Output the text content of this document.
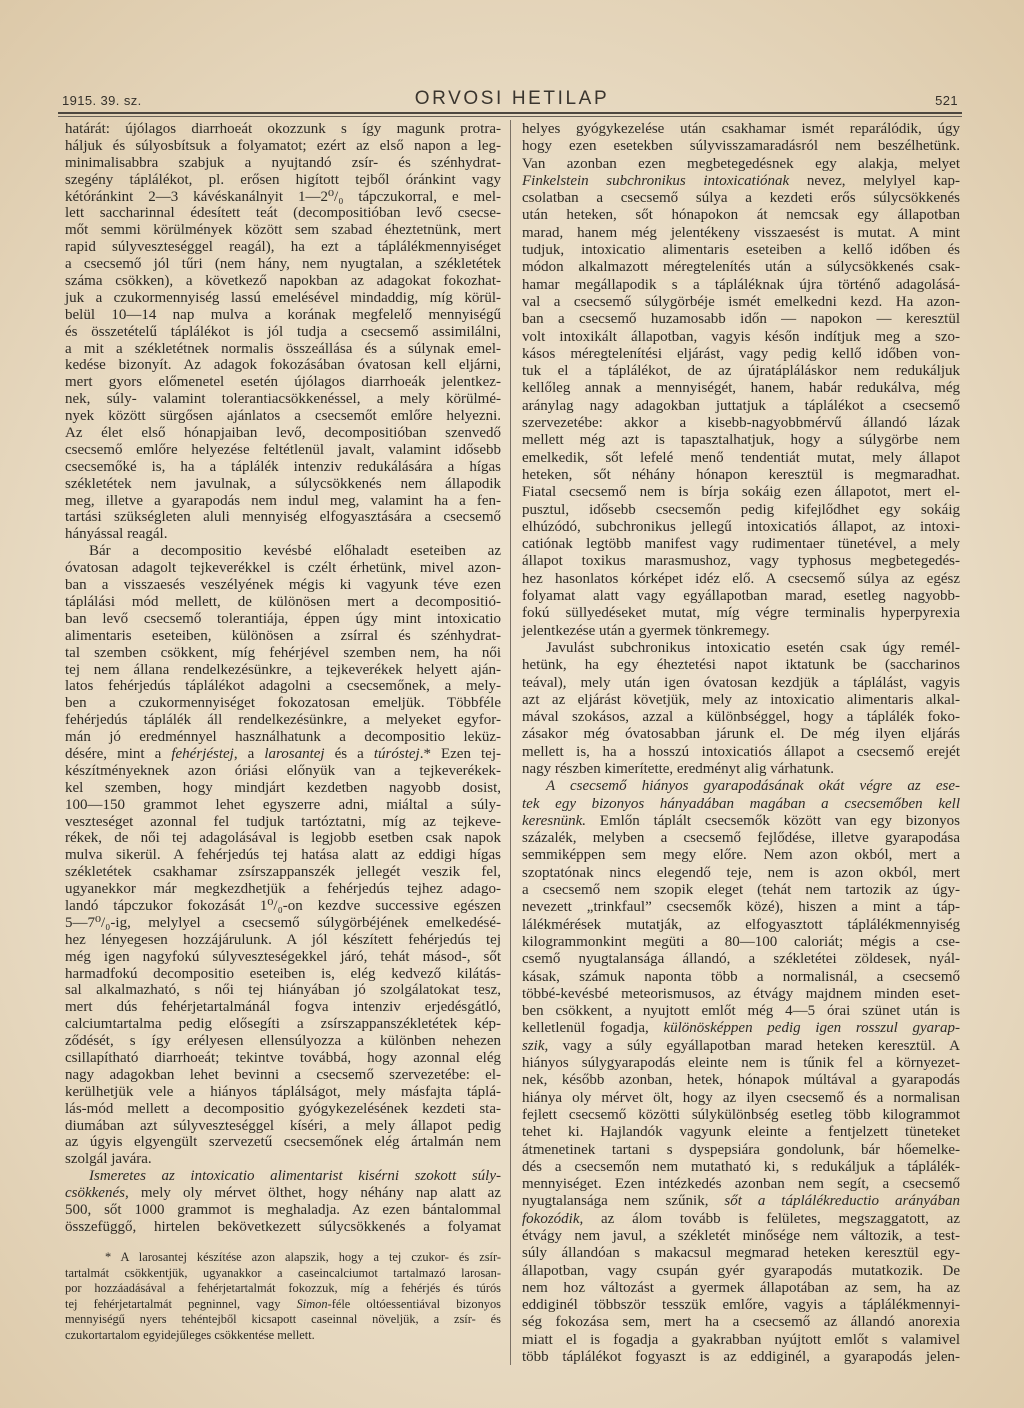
1915. 39. sz.	ORVOSI HETILAP	521
határát: újólagos diarrhoeát okozzunk s így magunk protra-
háljuk és súlyosbítsuk a folyamatot; ezért az első napon a leg-
minimalisabbra szabjuk a nyujtandó zsír- és szénhydrat-
szegény táplálékot, pl. erősen higított tejből óránkint vagy
kétóránkint 2—3 kávéskanálnyit 1—2⁰/₀ tápczukorral, e mel-
lett saccharinnal édesített teát (decompositióban levő csecse-
mőt semmi körülmények között sem szabad éheztetnünk, mert
rapid súlyveszteséggel reagál), ha ezt a táplálékmennyiséget
a csecsemő jól tűri (nem hány, nem nyugtalan, a székletétek
száma csökken), a következő napokban az adagokat fokozhat-
juk a czukormennyiség lassú emelésével mindaddig, míg körül-
belül 10—14 nap mulva a korának megfelelő mennyiségű
és összetételű táplálékot is jól tudja a csecsemő assimilálni,
a mit a székletétnek normalis összeállása és a súlynak emel-
kedése bizonyít. Az adagok fokozásában óvatosan kell eljárni,
mert gyors előmenetel esetén újólagos diarrhoeák jelentkez-
nek, súly- valamint tolerantiacsökkenéssel, a mely körülmé-
nyek között sürgősen ajánlatos a csecsemőt emlőre helyezni.
Az élet első hónapjaiban levő, decompositióban szenvedő
csecsemő emlőre helyezése feltétlenül javalt, valamint idősebb
csecsemőké is, ha a táplálék intenziv redukálására a hígas
székletétek nem javulnak, a súlycsökkenés nem állapodik
meg, illetve a gyarapodás nem indul meg, valamint ha a fen-
tartási szükségleten aluli mennyiség elfogyasztására a csecsemő
hányással reagál.
Bár a decompositio kevésbé előhaladt eseteiben az
óvatosan adagolt tejkeverékkel is czélt érhetünk, mivel azon-
ban a visszaesés veszélyének mégis ki vagyunk téve ezen
táplálási mód mellett, de különösen mert a decompositió-
ban levő csecsemő tolerantiája, éppen úgy mint intoxicatio
alimentaris eseteiben, különösen a zsírral és szénhydrat-
tal szemben csökkent, míg fehérjével szemben nem, ha női
tej nem állana rendelkezésünkre, a tejkeverékek helyett aján-
latos fehérjedús táplálékot adagolni a csecsemőnek, a mely-
ben a czukormennyiséget fokozatosan emeljük. Többféle
fehérjedús táplálék áll rendelkezésünkre, a melyeket egyfor-
mán jó eredménnyel használhatunk a decompositio leküz-
désére, mint a fehérjéstej, a larosantej és a túróstej.* Ezen tej-
készítményeknek azon óriási előnyük van a tejkeverékek-
kel szemben, hogy mindjárt kezdetben nagyobb dosist,
100—150 grammot lehet egyszerre adni, miáltal a súly-
veszteséget azonnal fel tudjuk tartóztatni, míg az tejkeve-
rékek, de női tej adagolásával is legjobb esetben csak napok
mulva sikerül. A fehérjedús tej hatása alatt az eddigi hígas
székletétek csakhamar zsírszappanszék jellegét veszik fel,
ugyanekkor már megkezdhetjük a fehérjedús tejhez adago-
landó tápczukor fokozását 1⁰/₀-on kezdve successive egészen
5—7⁰/₀-ig, melylyel a csecsemő súlygörbéjének emelkedésé-
hez lényegesen hozzájárulunk. A jól készített fehérjedús tej
még igen nagyfokú súlyveszteségekkel járó, tehát másod-, sőt
harmadfokú decompositio eseteiben is, elég kedvező kilátás-
sal alkalmazható, s női tej hiányában jó szolgálatokat tesz,
mert dús fehérjetartalmánál fogva intenziv erjedésgátló,
calciumtartalma pedig elősegíti a zsírszappanszékletétek kép-
ződését, s így erélyesen ellensúlyozza a különben nehezen
csillapítható diarrhoeát; tekintve továbbá, hogy azonnal elég
nagy adagokban lehet bevinni a csecsemő szervezetébe: el-
kerülhetjük vele a hiányos táplálságot, mely másfajta táplá-
lás-mód mellett a decompositio gyógykezelésének kezdeti sta-
diumában azt súlyveszteséggel kíséri, a mely állapot pedig
az úgyis elgyengült szervezetű csecsemőnek elég ártalmán nem
szolgál javára.
Ismeretes az intoxicatio alimentarist kisérni szokott súly-
csökkenés, mely oly mérvet ölthet, hogy néhány nap alatt az
500, sőt 1000 grammot is meghaladja. Az ezen bántalommal
összefüggő, hirtelen bekövetkezett súlycsökkenés a folyamat
* A larosantej készítése azon alapszik, hogy a tej czukor- és zsír-
tartalmát csökkentjük, ugyanakkor a caseincalciumot tartalmazó larosan-
por hozzáadásával a fehérjetartalmát fokozzuk, míg a fehérjés és túrós
tej fehérjetartalmát pegninnel, vagy Simon-féle oltóessentiával bizonyos
mennyiségű nyers tehéntejből kicsapott caseinnal növeljük, a zsír- és
czukortartalom egyidejűleges csökkentése mellett.
helyes gyógykezelése után csakhamar ismét reparálódik, úgy
hogy ezen esetekben súlyvisszamaradásról nem beszélhetünk.
Van azonban ezen megbetegedésnek egy alakja, melyet
Finkelstein subchronikus intoxicatiónak nevez, melylyel kap-
csolatban a csecsemő súlya a kezdeti erős súlycsökkenés
után heteken, sőt hónapokon át nemcsak egy állapotban
marad, hanem még jelentékeny visszaesést is mutat. A mint
tudjuk, intoxicatio alimentaris eseteiben a kellő időben és
módon alkalmazott méregtelenítés után a súlycsökkenés csak-
hamar megállapodik s a tápláléknak újra történő adagolásá-
val a csecsemő súlygörbéje ismét emelkedni kezd. Ha azon-
ban a csecsemő huzamosabb időn — napokon — keresztül
volt intoxikált állapotban, vagyis későn indítjuk meg a szo-
kásos méregtelenítési eljárást, vagy pedig kellő időben von-
tuk el a táplálékot, de az újratápláláskor nem redukáljuk
kellőleg annak a mennyiségét, hanem, habár redukálva, még
aránylag nagy adagokban juttatjuk a táplálékot a csecsemő
szervezetébe: akkor a kisebb-nagyobbmérvű állandó lázak
mellett még azt is tapasztalhatjuk, hogy a súlygörbe nem
emelkedik, sőt lefelé menő tendentiát mutat, mely állapot
heteken, sőt néhány hónapon keresztül is megmaradhat.
Fiatal csecsemő nem is bírja sokáig ezen állapotot, mert el-
pusztul, idősebb csecsemőn pedig kifejlődhet egy sokáig
elhúzódó, subchronikus jellegű intoxicatiós állapot, az intoxi-
catiónak legtöbb manifest vagy rudimentaer tünetével, a mely
állapot toxikus marasmushoz, vagy typhosus megbetegedés-
hez hasonlatos kórképet idéz elő. A csecsemő súlya az egész
folyamat alatt vagy egyállapotban marad, esetleg nagyobb-
fokú süllyedéseket mutat, míg végre terminalis hyperpyrexia
jelentkezése után a gyermek tönkremegy.
Javulást subchronikus intoxicatio esetén csak úgy remél-
hetünk, ha egy éheztetési napot iktatunk be (saccharinos
teával), mely után igen óvatosan kezdjük a táplálást, vagyis
azt az eljárást követjük, mely az intoxicatio alimentaris alkal-
mával szokásos, azzal a különbséggel, hogy a táplálék foko-
zásakor még óvatosabban járunk el. De még ilyen eljárás
mellett is, ha a hosszú intoxicatiós állapot a csecsemő erejét
nagy részben kimerítette, eredményt alig várhatunk.
A csecsemő hiányos gyarapodásának okát végre az ese-
tek egy bizonyos hányadában magában a csecsemőben kell
keresnünk. Emlőn táplált csecsemők között van egy bizonyos
százalék, melyben a csecsemő fejlődése, illetve gyarapodása
semmiképpen sem megy előre. Nem azon okból, mert a
szoptatónak nincs elegendő teje, nem is azon okból, mert
a csecsemő nem szopik eleget (tehát nem tartozik az úgy-
nevezett „trinkfaul” csecsemők közé), hiszen a mint a táp-
lálékmérések mutatják, az elfogyasztott táplálékmennyiség
kilogrammonkint megüti a 80—100 caloriát; mégis a cse-
csemő nyugtalansága állandó, a székletétei zöldesek, nyál-
kásak, számuk naponta több a normalisnál, a csecsemő
többé-kevésbé meteorismusos, az étvágy majdnem minden eset-
ben csökkent, a nyujtott emlőt még 4—5 órai szünet után is
kelletlenül fogadja, különösképpen pedig igen rosszul gyarap-
szik, vagy a súly egyállapotban marad heteken keresztül. A
hiányos súlygyarapodás eleinte nem is tűnik fel a környezet-
nek, később azonban, hetek, hónapok múltával a gyarapodás
hiánya oly mérvet ölt, hogy az ilyen csecsemő és a normalisan
fejlett csecsemő közötti súlykülönbség esetleg több kilogrammot
tehet ki. Hajlandók vagyunk eleinte a fentjelzett tüneteket
átmenetinek tartani s dyspepsiára gondolunk, bár hőemelke-
dés a csecsemőn nem mutatható ki, s redukáljuk a táplálék-
mennyiséget. Ezen intézkedés azonban nem segít, a csecsemő
nyugtalansága nem szűnik, sőt a táplálékreductio arányában
fokozódik, az álom tovább is felületes, megszaggatott, az
étvágy nem javul, a székletét minősége nem változik, a test-
súly állandóan s makacsul megmarad heteken keresztül egy-
állapotban, vagy csupán gyér gyarapodás mutatkozik. De
nem hoz változást a gyermek állapotában az sem, ha az
eddiginél többször tesszük emlőre, vagyis a táplálékmennyi-
ség fokozása sem, mert ha a csecsemő az állandó anorexia
miatt el is fogadja a gyakrabban nyújtott emlőt s valamivel
több táplálékot fogyaszt is az eddiginél, a gyarapodás jelen-
